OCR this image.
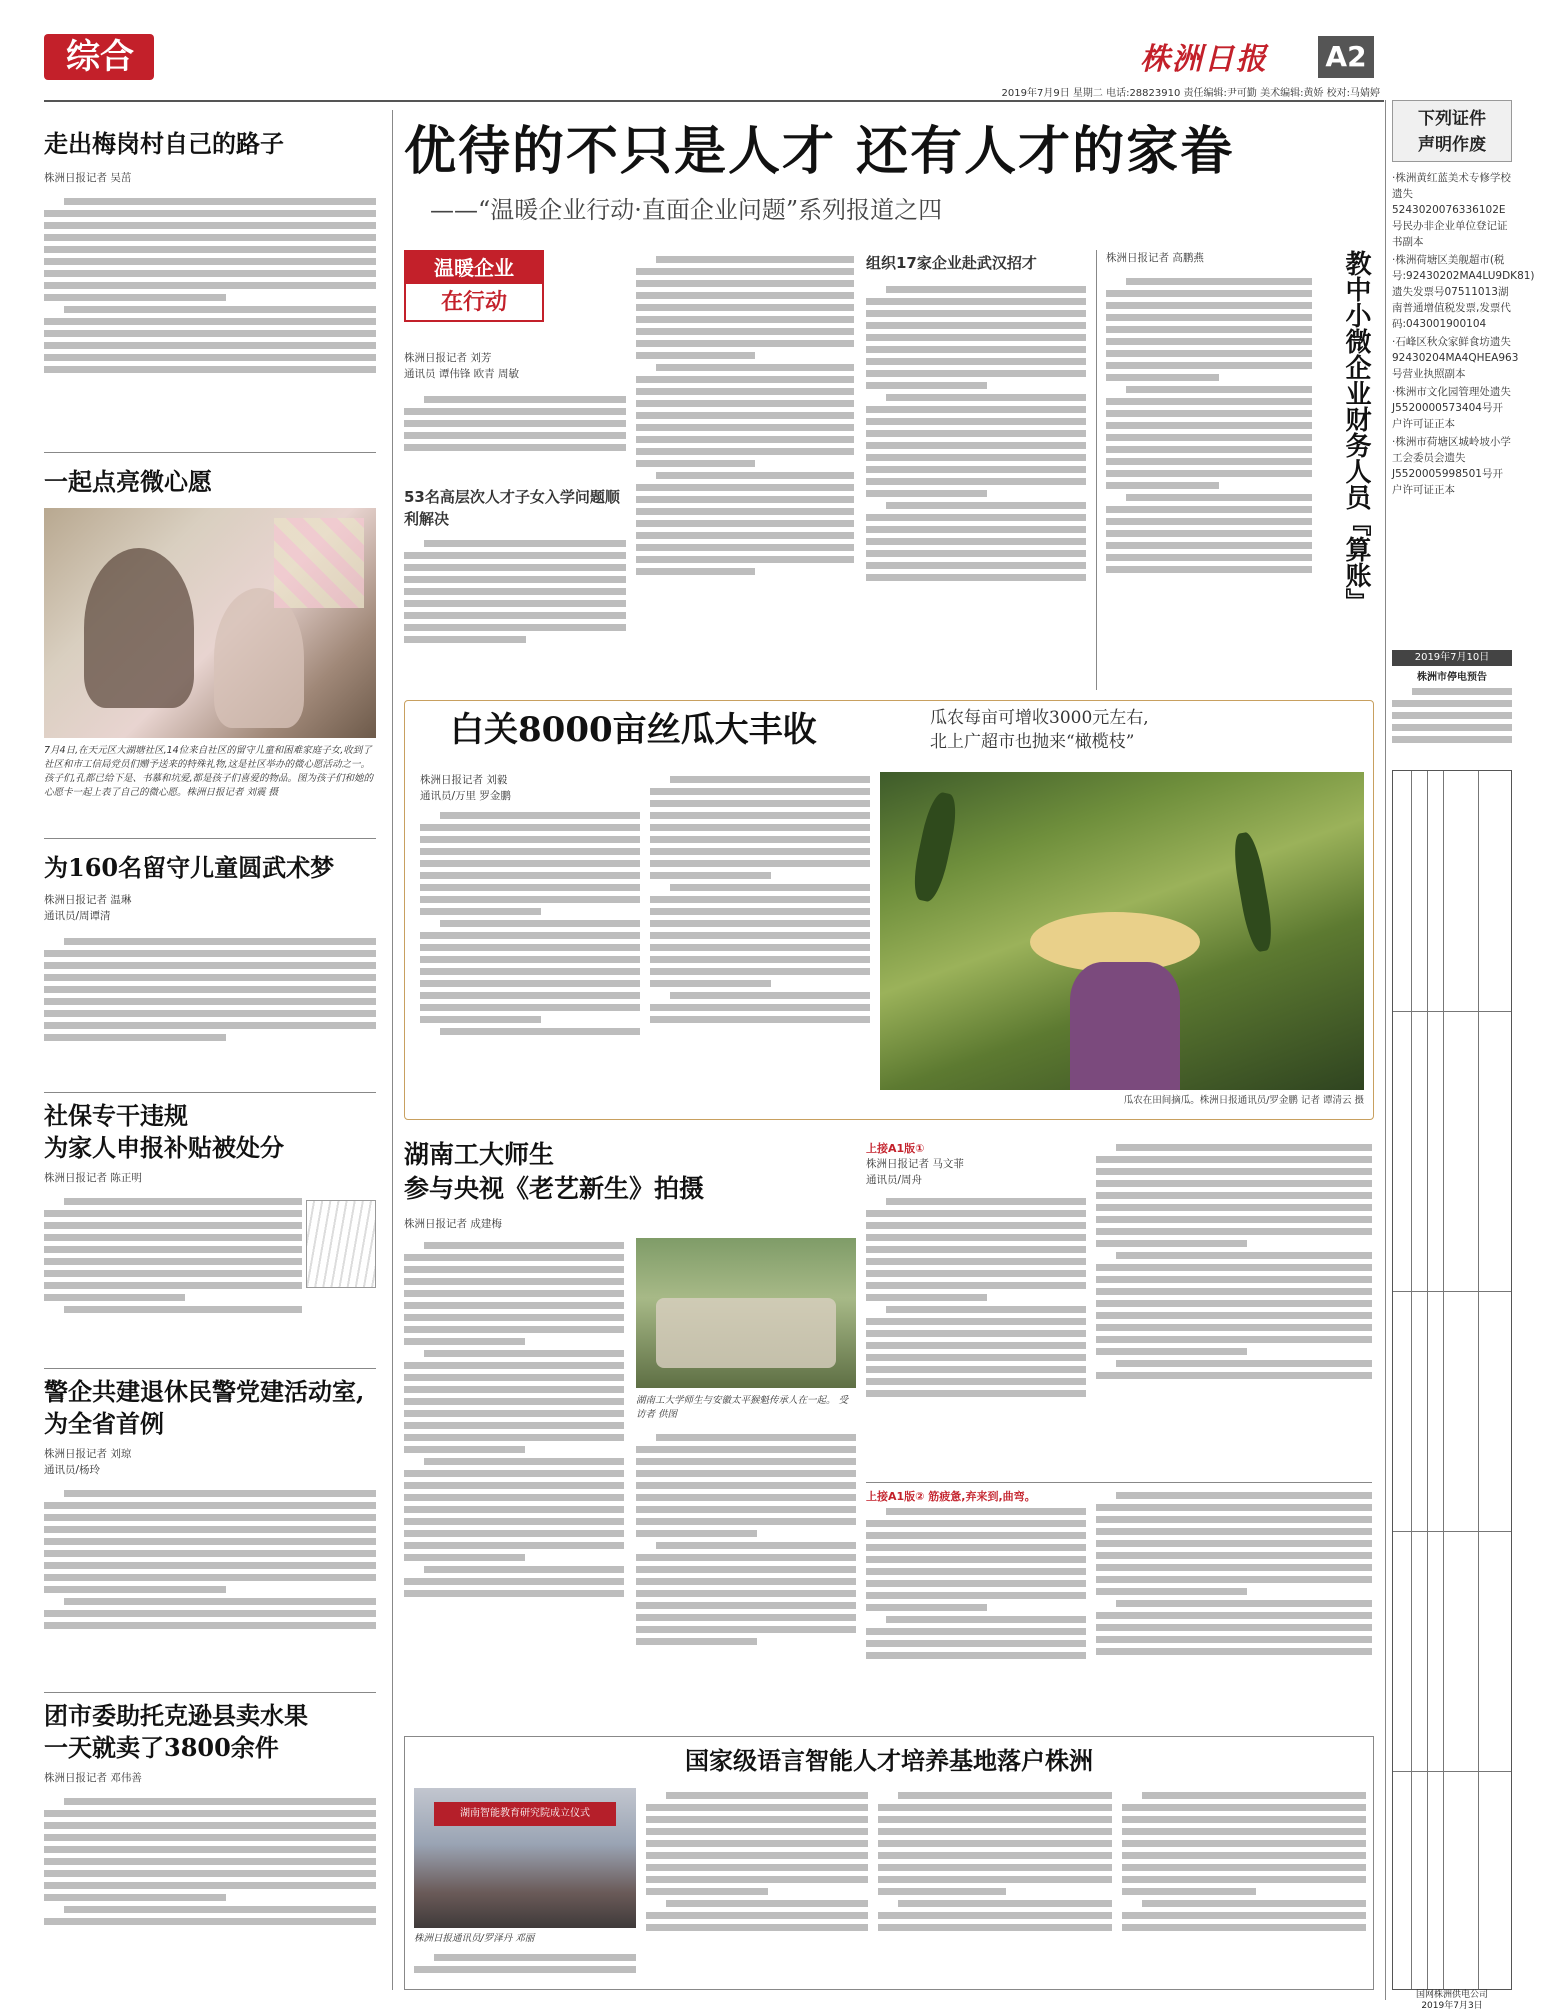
综合	株洲日报	A2
2019年7月9日 星期二 电话:28823910 责任编辑:尹可勤 美术编辑:黄娇 校对:马婧婷
下列证件
声明作废
·株洲黄红蓝美术专修学校遗失5243020076336102E号民办非企业单位登记证书副本
·株洲荷塘区美舰超市(税号:92430202MA4LU9DK81)遗失发票号07511013湖南普通增值税发票,发票代码:043001900104
·石峰区秋众家鲜食坊遗失92430204MA4QHEA963号营业执照副本
·株洲市文化园管理处遗失J5520000573404号开户许可证正本
·株洲市荷塘区城岭坡小学工会委员会遗失J5520005998501号开户许可证正本
2019年7月10日
株洲市停电预告
国网株洲供电公司
2019年7月3日
走出梅岗村自己的路子
株洲日报记者 吴茁
一起点亮微心愿
7月4日,在天元区大湖塘社区,14位来自社区的留守儿童和困难家庭子女,收到了社区和市工信局党员们赠予送来的特殊礼物,这是社区举办的微心愿活动之一。孩子们,孔都已给下是、书慕和坑爱,都是孩子们喜爱的物品。图为孩子们和她的心愿卡一起上表了自己的微心愿。株洲日报记者 刘震 摄
为160名留守儿童圆武术梦
株洲日报记者 温琳
通讯员/周谭清
社保专干违规
为家人申报补贴被处分
株洲日报记者 陈正明
警企共建退休民警党建活动室,
为全省首例
株洲日报记者 刘琼
通讯员/杨玲
团市委助托克逊县卖水果
一天就卖了3800余件
株洲日报记者 邓伟善
优待的不只是人才 还有人才的家眷
——“温暖企业行动·直面企业问题”系列报道之四
温暖企业
在行动
株洲日报记者 刘芳
通讯员 谭伟锋 欧青 周敏
53名高层次人才子女入学问题顺利解决
组织17家企业赴武汉招才	株洲日报记者 高鹏燕	教中小微企业财务人员『算账』
白关8000亩丝瓜大丰收	瓜农每亩可增收3000元左右,
北上广超市也抛来“橄榄枝”
株洲日报记者 刘毅
通讯员/万里 罗金鹏
瓜农在田间摘瓜。株洲日报通讯员/罗金鹏 记者 谭清云 摄
湖南工大师生
参与央视《老艺新生》拍摄
株洲日报记者 成建梅
湖南工大学师生与安徽太平猴魁传承人在一起。 受访者 供图
上接A1版①
株洲日报记者 马文菲
通讯员/周舟
上接A1版② 筋疲惫,弃来到,曲弯。
国家级语言智能人才培养基地落户株洲
湖南智能教育研究院成立仪式
株洲日报通讯员/罗泽丹 邓丽
